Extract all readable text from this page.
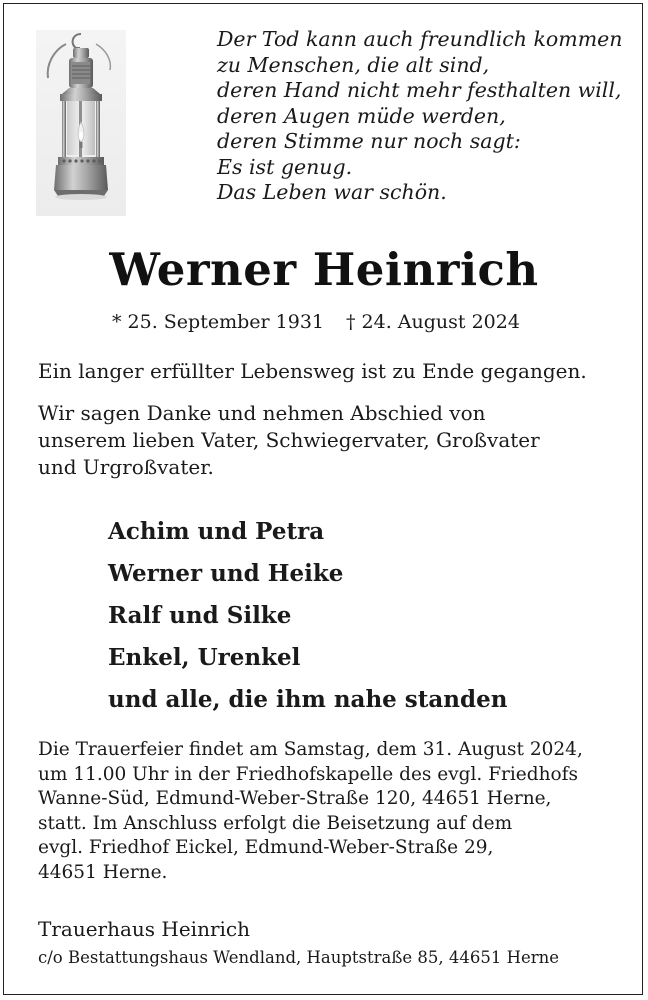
Der Tod kann auch freundlich kommen
zu Menschen, die alt sind,
deren Hand nicht mehr festhalten will,
deren Augen müde werden,
deren Stimme nur noch sagt:
Es ist genug.
Das Leben war schön.
Werner Heinrich
* 25. September 1931 † 24. August 2024
Ein langer erfüllter Lebensweg ist zu Ende gegangen.
Wir sagen Danke und nehmen Abschied von
unserem lieben Vater, Schwiegervater, Großvater
und Urgroßvater.
Achim und Petra
Werner und Heike
Ralf und Silke
Enkel, Urenkel
und alle, die ihm nahe standen
Die Trauerfeier findet am Samstag, dem 31. August 2024,
um 11.00 Uhr in der Friedhofskapelle des evgl. Friedhofs
Wanne-Süd, Edmund-Weber-Straße 120, 44651 Herne,
statt. Im Anschluss erfolgt die Beisetzung auf dem
evgl. Friedhof Eickel, Edmund-Weber-Straße 29,
44651 Herne.
Trauerhaus Heinrich
c/o Bestattungshaus Wendland, Hauptstraße 85, 44651 Herne
